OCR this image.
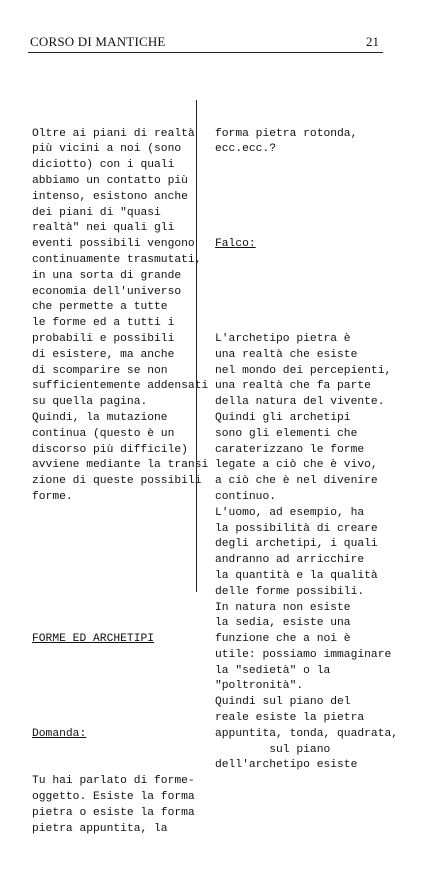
CORSO DI MANTICHE	21

Oltre ai piani di realtà
più vicini a noi (sono
diciotto) con i quali
abbiamo un contatto più
intenso, esistono anche
dei piani di "quasi
realtà" nei quali gli
eventi possibili vengono
continuamente trasmutati,
in una sorta di grande
economia dell'universo
che permette a tutte
le forme ed a tutti i
probabili e possibili
di esistere, ma anche
di scomparire se non
sufficientemente addensati
su quella pagina.
Quindi, la mutazione
continua (questo è un
discorso più difficile)
avviene mediante la transi
zione di queste possibili
forme.

FORME ED ARCHETIPI

Domanda:

Tu hai parlato di forme-
oggetto. Esiste la forma
pietra o esiste la forma
pietra appuntita, la

forma pietra rotonda,
ecc.ecc.?

Falco:

L'archetipo pietra è
una realtà che esiste
nel mondo dei percepienti,
una realtà che fa parte
della natura del vivente.
Quindi gli archetipi
sono gli elementi che
caraterizzano le forme
legate a ciò che è vivo,
a ciò che è nel divenire
continuo.
L'uomo, ad esempio, ha
la possibilità di creare
degli archetipi, i quali
andranno ad arricchire
la quantità e la qualità
delle forme possibili.
In natura non esiste
la sedia, esiste una
funzione che a noi è
utile: possiamo immaginare
la "sedietà" o la
"poltronità".
Quindi sul piano del
reale esiste la pietra
appuntita, tonda, quadrata,
sul piano
dell'archetipo esiste
